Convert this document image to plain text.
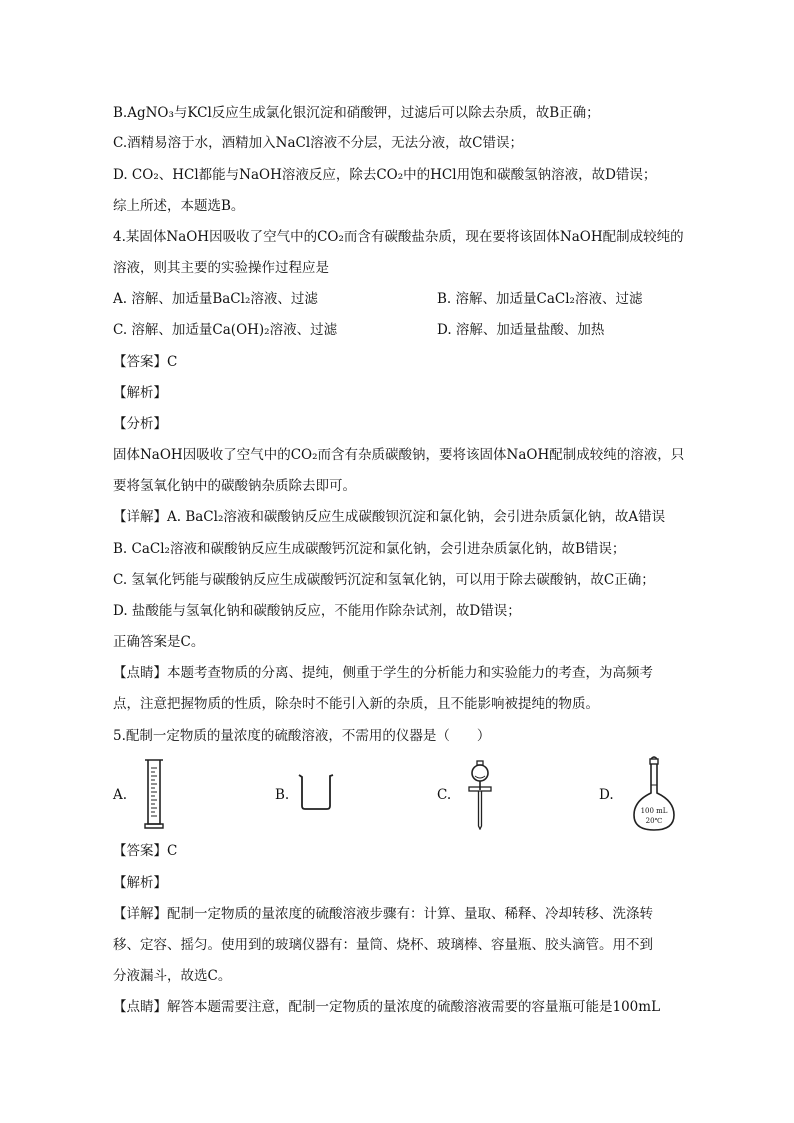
B.AgNO₃与KCl反应生成氯化银沉淀和硝酸钾，过滤后可以除去杂质，故B正确；
C.酒精易溶于水，酒精加入NaCl溶液不分层，无法分液，故C错误；
D. CO₂、HCl都能与NaOH溶液反应，除去CO₂中的HCl用饱和碳酸氢钠溶液，故D错误；
综上所述，本题选B。
4.某固体NaOH因吸收了空气中的CO₂而含有碳酸盐杂质，现在要将该固体NaOH配制成较纯的
溶液，则其主要的实验操作过程应是
A. 溶解、加适量BaCl₂溶液、过滤	B. 溶解、加适量CaCl₂溶液、过滤
C. 溶解、加适量Ca(OH)₂溶液、过滤	D. 溶解、加适量盐酸、加热
【答案】C
【解析】
【分析】
固体NaOH因吸收了空气中的CO₂而含有杂质碳酸钠，要将该固体NaOH配制成较纯的溶液，只
要将氢氧化钠中的碳酸钠杂质除去即可。
【详解】A. BaCl₂溶液和碳酸钠反应生成碳酸钡沉淀和氯化钠，会引进杂质氯化钠，故A错误
B. CaCl₂溶液和碳酸钠反应生成碳酸钙沉淀和氯化钠，会引进杂质氯化钠，故B错误；
C. 氢氧化钙能与碳酸钠反应生成碳酸钙沉淀和氢氧化钠，可以用于除去碳酸钠，故C正确；
D. 盐酸能与氢氧化钠和碳酸钠反应，不能用作除杂试剂，故D错误；
正确答案是C。
【点睛】本题考查物质的分离、提纯，侧重于学生的分析能力和实验能力的考查，为高频考
点，注意把握物质的性质，除杂时不能引入新的杂质，且不能影响被提纯的物质。
5.配制一定物质的量浓度的硫酸溶液，不需用的仪器是（　　）
A.	B.	C.	D.
100 mL
20℃
【答案】C
【解析】
【详解】配制一定物质的量浓度的硫酸溶液步骤有：计算、量取、稀释、冷却转移、洗涤转
移、定容、摇匀。使用到的玻璃仪器有：量筒、烧杯、玻璃棒、容量瓶、胶头滴管。用不到
分液漏斗，故选C。
【点睛】解答本题需要注意，配制一定物质的量浓度的硫酸溶液需要的容量瓶可能是100mL
